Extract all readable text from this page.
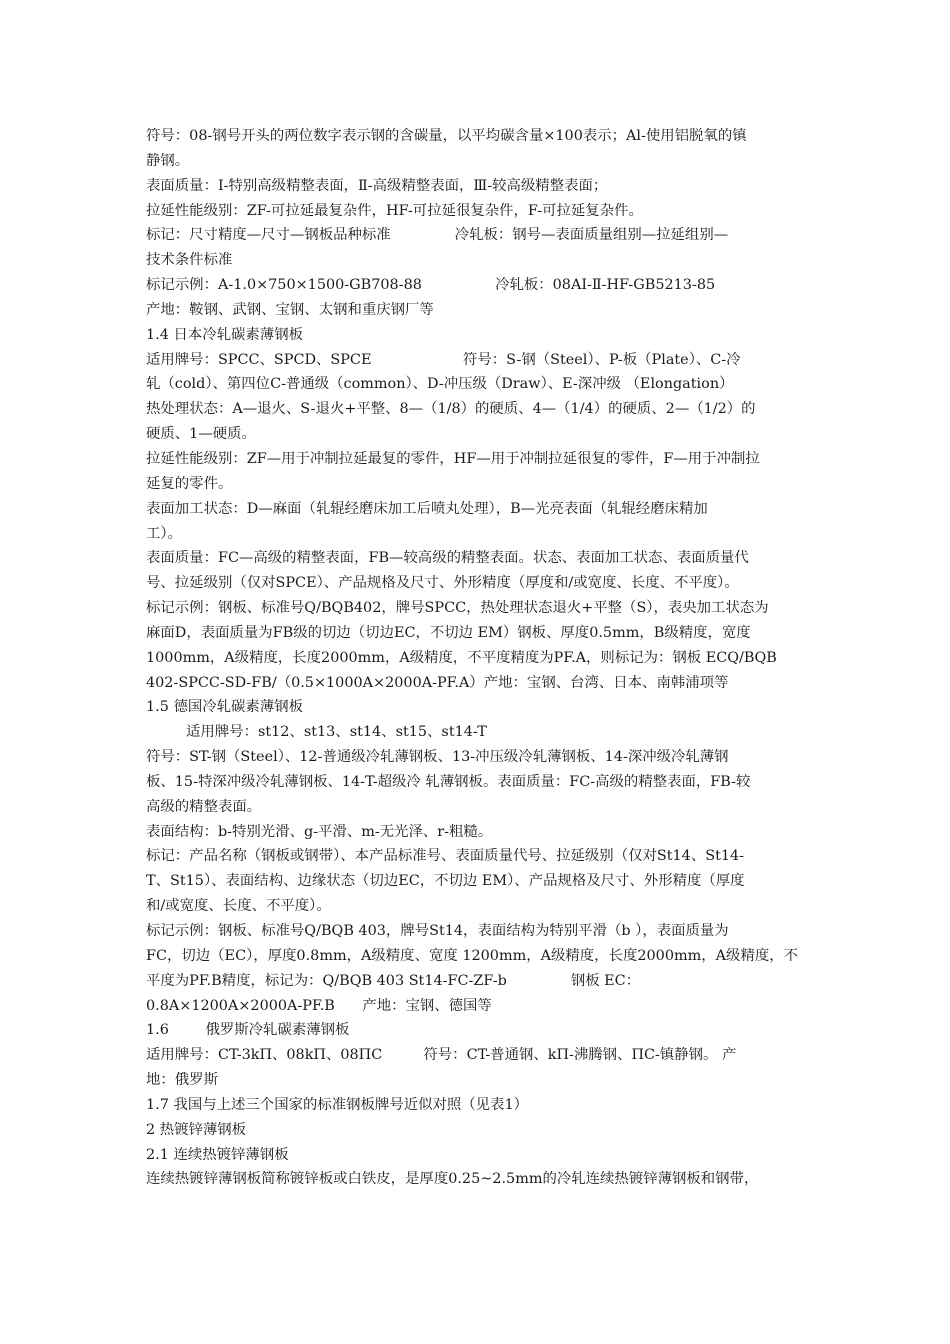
符号：08-钢号开头的两位数字表示钢的含碳量，以平均碳含量×100表示；Al-使用铝脱氧的镇
静钢。
表面质量：Ⅰ-特别高级精整表面，Ⅱ-高级精整表面，Ⅲ-较高级精整表面；
拉延性能级别：ZF-可拉延最复杂件，HF-可拉延很复杂件，F-可拉延复杂件。
标记：尺寸精度—尺寸—钢板品种标准              冷轧板：钢号—表面质量组别—拉延组别—
技术条件标准
标记示例：A-1.0×750×1500-GB708-88                冷轧板：08AⅠ-Ⅱ-HF-GB5213-85
产地：鞍钢、武钢、宝钢、太钢和重庆钢厂等
1.4 日本冷轧碳素薄钢板
适用牌号：SPCC、SPCD、SPCE                    符号：S-钢（Steel）、P-板（Plate）、C-冷
轧（cold）、第四位C-普通级（common）、D-冲压级（Draw）、E-深冲级 （Elongation）
热处理状态：A—退火、S-退火+平整、8—（1/8）的硬质、4—（1/4）的硬质、2—（1/2）的
硬质、1—硬质。
拉延性能级别：ZF—用于冲制拉延最复的零件，HF—用于冲制拉延很复的零件，F—用于冲制拉
延复的零件。
表面加工状态：D—麻面（轧辊经磨床加工后喷丸处理），B—光亮表面（轧辊经磨床精加
工）。
表面质量：FC—高级的精整表面，FB—较高级的精整表面。状态、表面加工状态、表面质量代
号、拉延级别（仅对SPCE）、产品规格及尺寸、外形精度（厚度和/或宽度、长度、不平度）。
标记示例：钢板、标准号Q/BQB402，牌号SPCC，热处理状态退火+平整（S），表央加工状态为
麻面D，表面质量为FB级的切边（切边EC，不切边 EM）钢板、厚度0.5mm，B级精度，宽度
1000mm，A级精度，长度2000mm，A级精度，不平度精度为PF.A，则标记为：钢板 ECQ/BQB
402-SPCC-SD-FB/（0.5×1000A×2000A-PF.A）产地：宝钢、台湾、日本、南韩浦项等
1.5 德国冷轧碳素薄钢板
适用牌号：st12、st13、st14、st15、st14-T
符号：ST-钢（Steel）、12-普通级冷轧薄钢板、13-冲压级冷轧薄钢板、14-深冲级冷轧薄钢
板、15-特深冲级冷轧薄钢板、14-T-超级冷 轧薄钢板。表面质量：FC-高级的精整表面，FB-较
高级的精整表面。
表面结构：b-特别光滑、g-平滑、m-无光泽、r-粗糙。
标记：产品名称（钢板或钢带）、本产品标准号、表面质量代号、拉延级别（仅对St14、St14-
T、St15）、表面结构、边缘状态（切边EC，不切边 EM）、产品规格及尺寸、外形精度（厚度
和/或宽度、长度、不平度）。
标记示例：钢板、标准号Q/BQB 403，牌号St14，表面结构为特别平滑（b ），表面质量为
FC，切边（EC），厚度0.8mm，A级精度、宽度 1200mm，A级精度，长度2000mm，A级精度，不
平度为PF.B精度，标记为：Q/BQB 403 St14-FC-ZF-b              钢板 EC：
0.8A×1200A×2000A-PF.B      产地：宝钢、德国等
1.6        俄罗斯冷轧碳素薄钢板
适用牌号：CT-3kΠ、08kΠ、08ΠC         符号：CT-普通钢、kΠ-沸腾钢、ΠC-镇静钢。 产
地：俄罗斯
1.7 我国与上述三个国家的标准钢板牌号近似对照（见表1）
2 热镀锌薄钢板
2.1 连续热镀锌薄钢板
连续热镀锌薄钢板简称镀锌板或白铁皮，是厚度0.25~2.5mm的冷轧连续热镀锌薄钢板和钢带，
